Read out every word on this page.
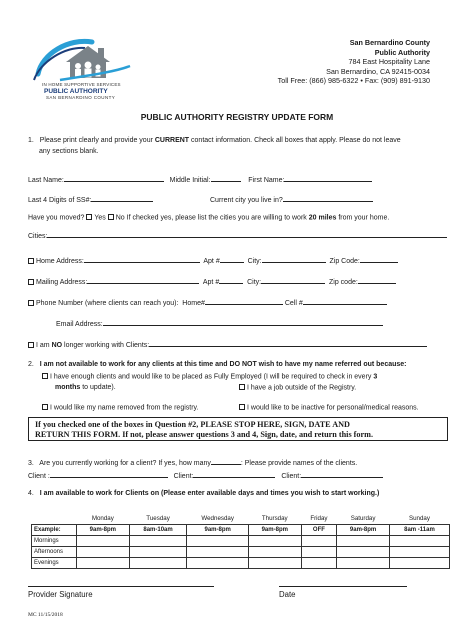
IN HOME SUPPORTIVE SERVICES
PUBLIC AUTHORITY
SAN BERNARDINO COUNTY
San Bernardino County
Public Authority
784 East Hospitality Lane
San Bernardino, CA 92415-0034
Toll Free: (866) 985-6322 • Fax: (909) 891-9130
PUBLIC AUTHORITY REGISTRY UPDATE FORM
1. Please print clearly and provide your CURRENT contact information. Check all boxes that apply. Please do not leave
any sections blank.
Last Name:	Middle Initial:	First Name:
Last 4 Digits of SS#:	Current city you live in?
Have you moved? Yes No If checked yes, please list the cities you are willing to work 20 miles from your home.
Cities:
Home Address:	Apt #	City:	Zip Code:
Mailing Address:	Apt #	City:	Zip code:
Phone Number (where clients can reach you): Home#	Cell #
Email Address:
I am NO longer working with Clients:
2. I am not available to work for any clients at this time and DO NOT wish to have my name referred out because:
I have enough clients and would like to be placed as Fully Employed (I will be required to check in every 3
months to update).	I have a job outside of the Registry.
I would like my name removed from the registry.	I would like to be inactive for personal/medical reasons.
If you checked one of the boxes in Question #2, PLEASE STOP HERE, SIGN, DATE AND
RETURN THIS FORM. If not, please answer questions 3 and 4, Sign, date, and return this form.
3. Are you currently working for a client? If yes, how many	: Please provide names of the clients.
Client :	Client:	Client:
4. I am available to work for Clients on (Please enter available days and times you wish to start working.)
	Monday	Tuesday	Wednesday	Thursday	Friday	Saturday	Sunday
Example:	9am-8pm	8am-10am	9am-8pm	9am-8pm	OFF	9am-8pm	8am -11am
Mornings							
Afternoons							
Evenings							
Provider Signature	Date
MC 11/15/2018
